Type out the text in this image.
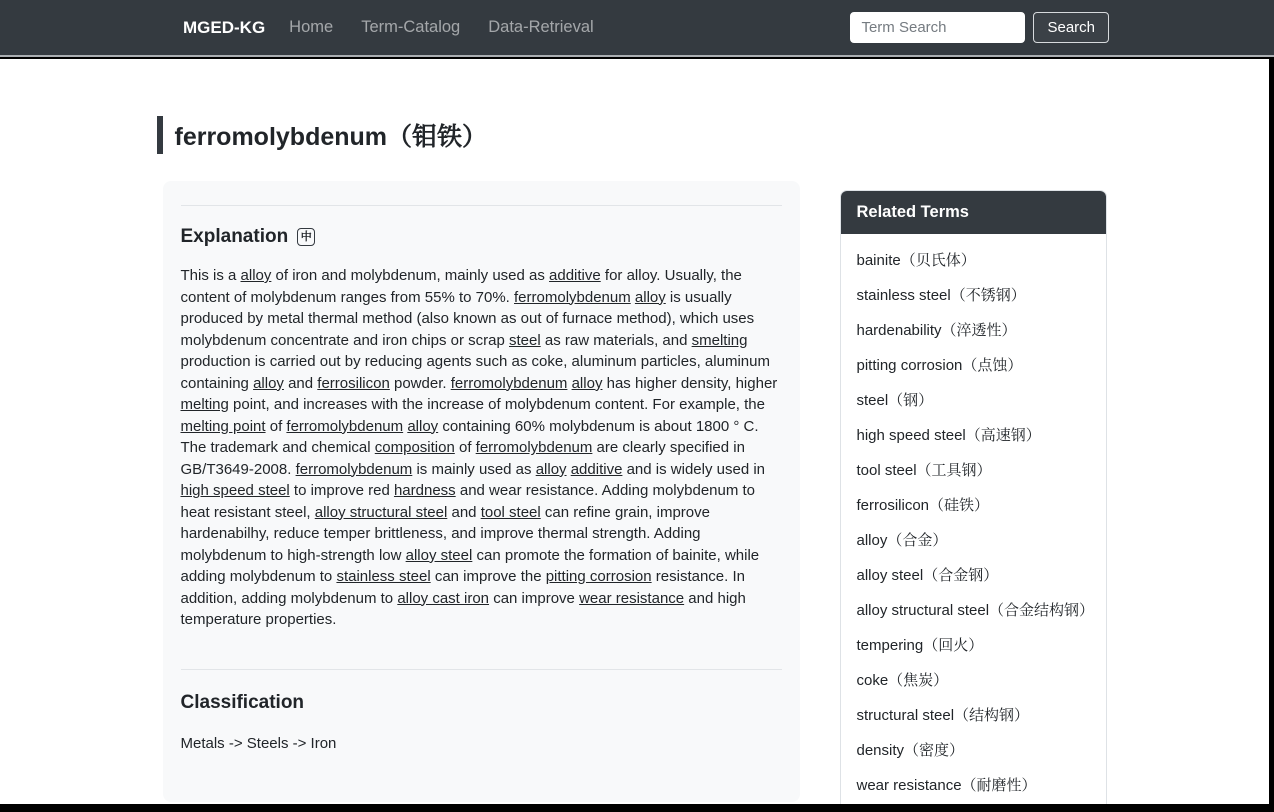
MGED-KG	Home	Term-Catalog	Data-Retrieval
Term Search	Search
ferromolybdenum（钼铁）
Explanation	中

This is a alloy of iron and molybdenum, mainly used as additive for alloy. Usually, the content of molybdenum ranges from 55% to 70%. ferromolybdenum alloy is usually produced by metal thermal method (also known as out of furnace method), which uses molybdenum concentrate and iron chips or scrap steel as raw materials, and smelting production is carried out by reducing agents such as coke, aluminum particles, aluminum containing alloy and ferrosilicon powder. ferromolybdenum alloy has higher density, higher melting point, and increases with the increase of molybdenum content. For example, the melting point of ferromolybdenum alloy containing 60% molybdenum is about 1800 ° C. The trademark and chemical composition of ferromolybdenum are clearly specified in GB/T3649-2008. ferromolybdenum is mainly used as alloy additive and is widely used in high speed steel to improve red hardness and wear resistance. Adding molybdenum to heat resistant steel, alloy structural steel and tool steel can refine grain, improve hardenabilhy, reduce temper brittleness, and improve thermal strength. Adding molybdenum to high-strength low alloy steel can promote the formation of bainite, while adding molybdenum to stainless steel can improve the pitting corrosion resistance. In addition, adding molybdenum to alloy cast iron can improve wear resistance and high temperature properties.

Classification

Metals -> Steels -> Iron

Related Terms
bainite（贝氏体）
stainless steel（不锈钢）
hardenability（淬透性）
pitting corrosion（点蚀）
steel（钢）
high speed steel（高速钢）
tool steel（工具钢）
ferrosilicon（硅铁）
alloy（合金）
alloy steel（合金钢）
alloy structural steel（合金结构钢）
tempering（回火）
coke（焦炭）
structural steel（结构钢）
density（密度）
wear resistance（耐磨性）
